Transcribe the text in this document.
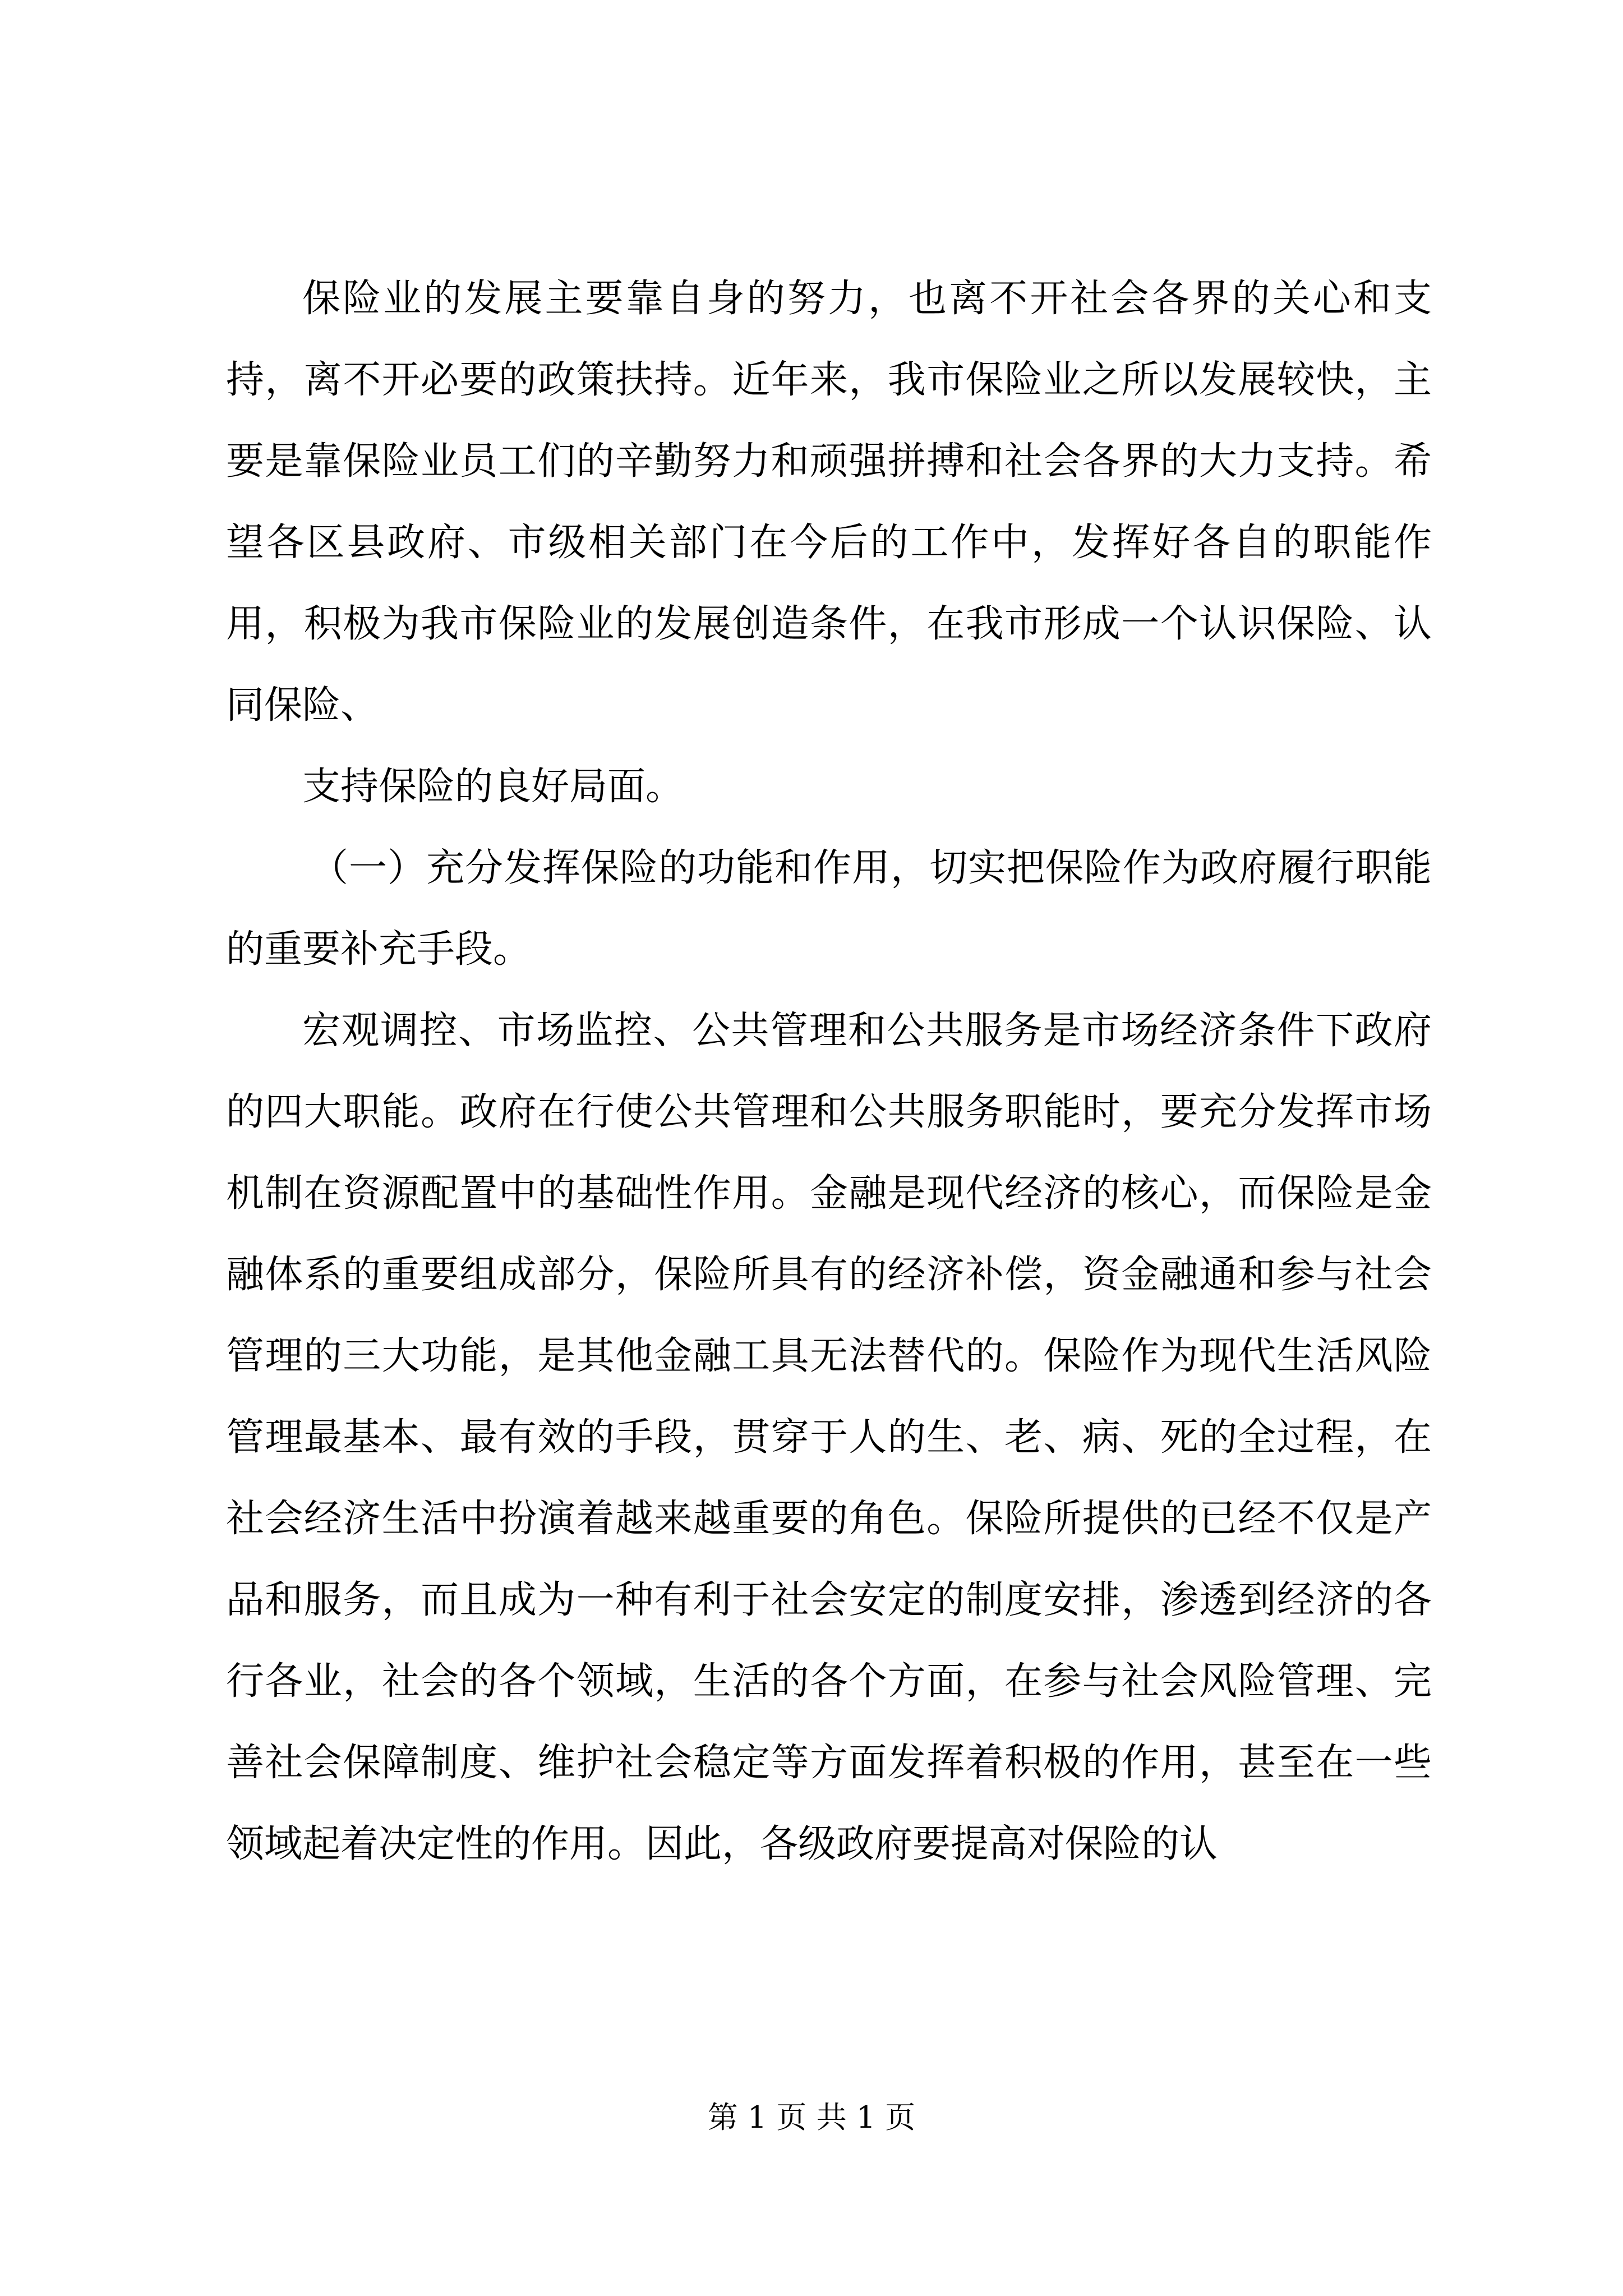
保险业的发展主要靠自身的努力，也离不开社会各界的关心和支持，离不开必要的政策扶持。近年来，我市保险业之所以发展较快，主要是靠保险业员工们的辛勤努力和顽强拼搏和社会各界的大力支持。希望各区县政府、市级相关部门在今后的工作中，发挥好各自的职能作用，积极为我市保险业的发展创造条件，在我市形成一个认识保险、认同保险、

支持保险的良好局面。

（一）充分发挥保险的功能和作用，切实把保险作为政府履行职能的重要补充手段。

宏观调控、市场监控、公共管理和公共服务是市场经济条件下政府的四大职能。政府在行使公共管理和公共服务职能时，要充分发挥市场机制在资源配置中的基础性作用。金融是现代经济的核心，而保险是金融体系的重要组成部分，保险所具有的经济补偿，资金融通和参与社会管理的三大功能，是其他金融工具无法替代的。保险作为现代生活风险管理最基本、最有效的手段，贯穿于人的生、老、病、死的全过程，在社会经济生活中扮演着越来越重要的角色。保险所提供的已经不仅是产品和服务，而且成为一种有利于社会安定的制度安排，渗透到经济的各行各业，社会的各个领域，生活的各个方面，在参与社会风险管理、完善社会保障制度、维护社会稳定等方面发挥着积极的作用，甚至在一些领域起着决定性的作用。因此，各级政府要提高对保险的认

第 1 页 共 1 页
